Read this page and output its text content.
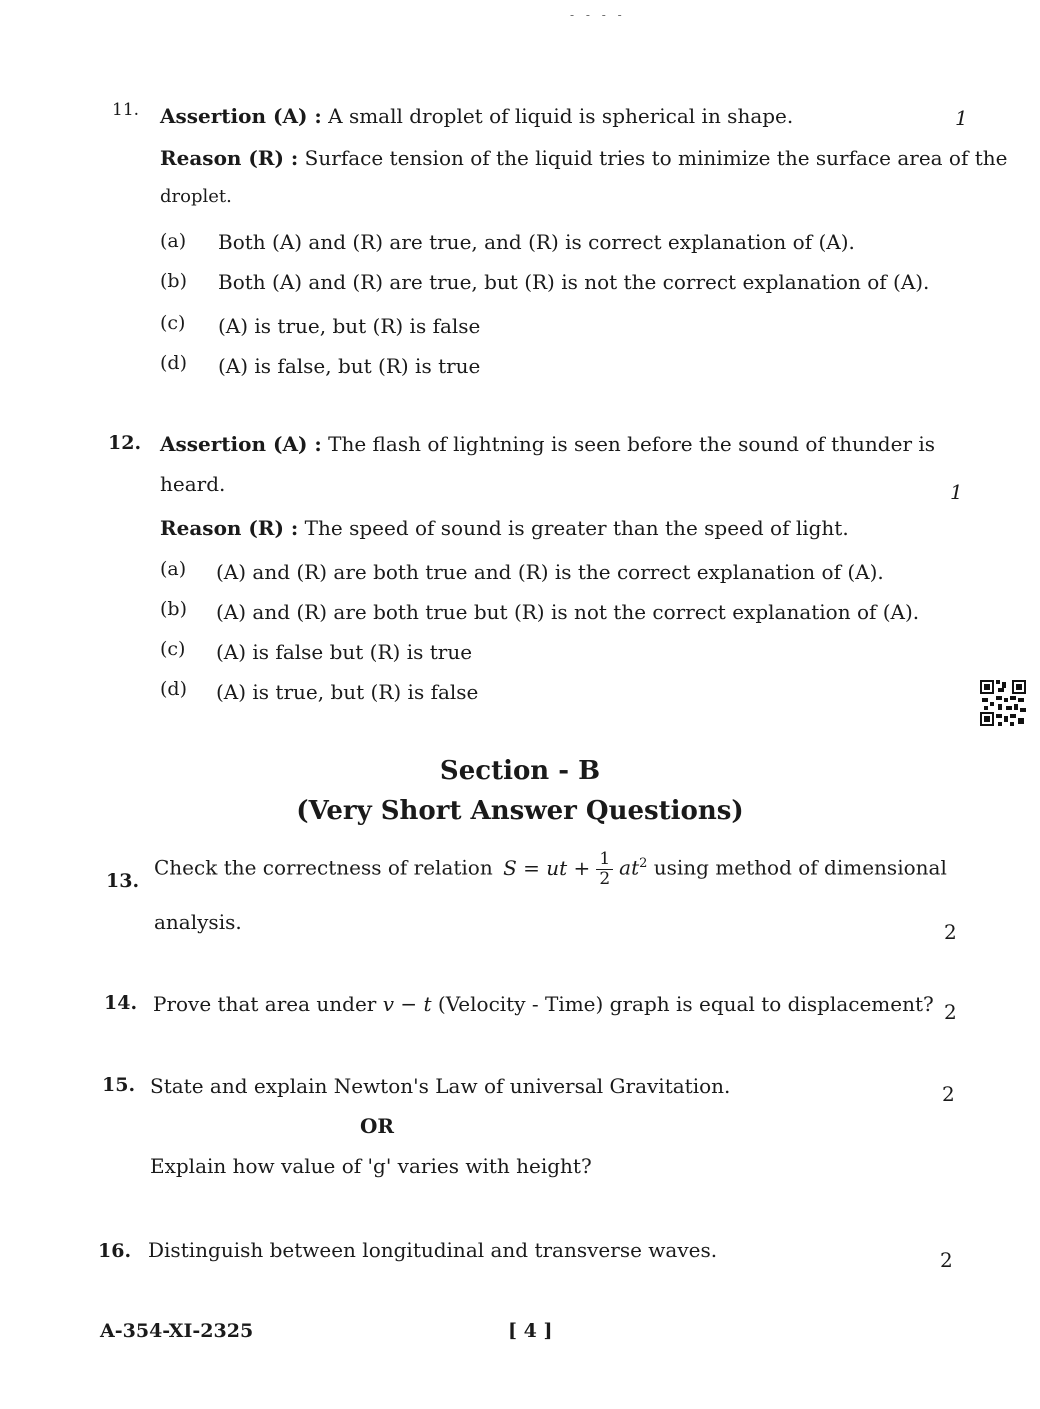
- - - -
11. Assertion (A) : A small droplet of liquid is spherical in shape.	1
Reason (R) : Surface tension of the liquid tries to minimize the surface area of the
droplet.
(a) Both (A) and (R) are true, and (R) is correct explanation of (A).
(b) Both (A) and (R) are true, but (R) is not the correct explanation of (A).
(c) (A) is true, but (R) is false
(d) (A) is false, but (R) is true
12. Assertion (A) : The flash of lightning is seen before the sound of thunder is
heard.	1
Reason (R) : The speed of sound is greater than the speed of light.
(a) (A) and (R) are both true and (R) is the correct explanation of (A).
(b) (A) and (R) are both true but (R) is not the correct explanation of (A).
(c) (A) is false but (R) is true
(d) (A) is true, but (R) is false
Section - B
(Very Short Answer Questions)
13.
Check the correctness of relation S = ut + $\frac{1}{2} at^2$ using method of dimensional
analysis.	2
14. Prove that area under v − t (Velocity - Time) graph is equal to displacement? 2
15. State and explain Newton's Law of universal Gravitation.	2
OR
Explain how value of 'g' varies with height?
16. Distinguish between longitudinal and transverse waves.	2
A-354-XI-2325	[ 4 ]
